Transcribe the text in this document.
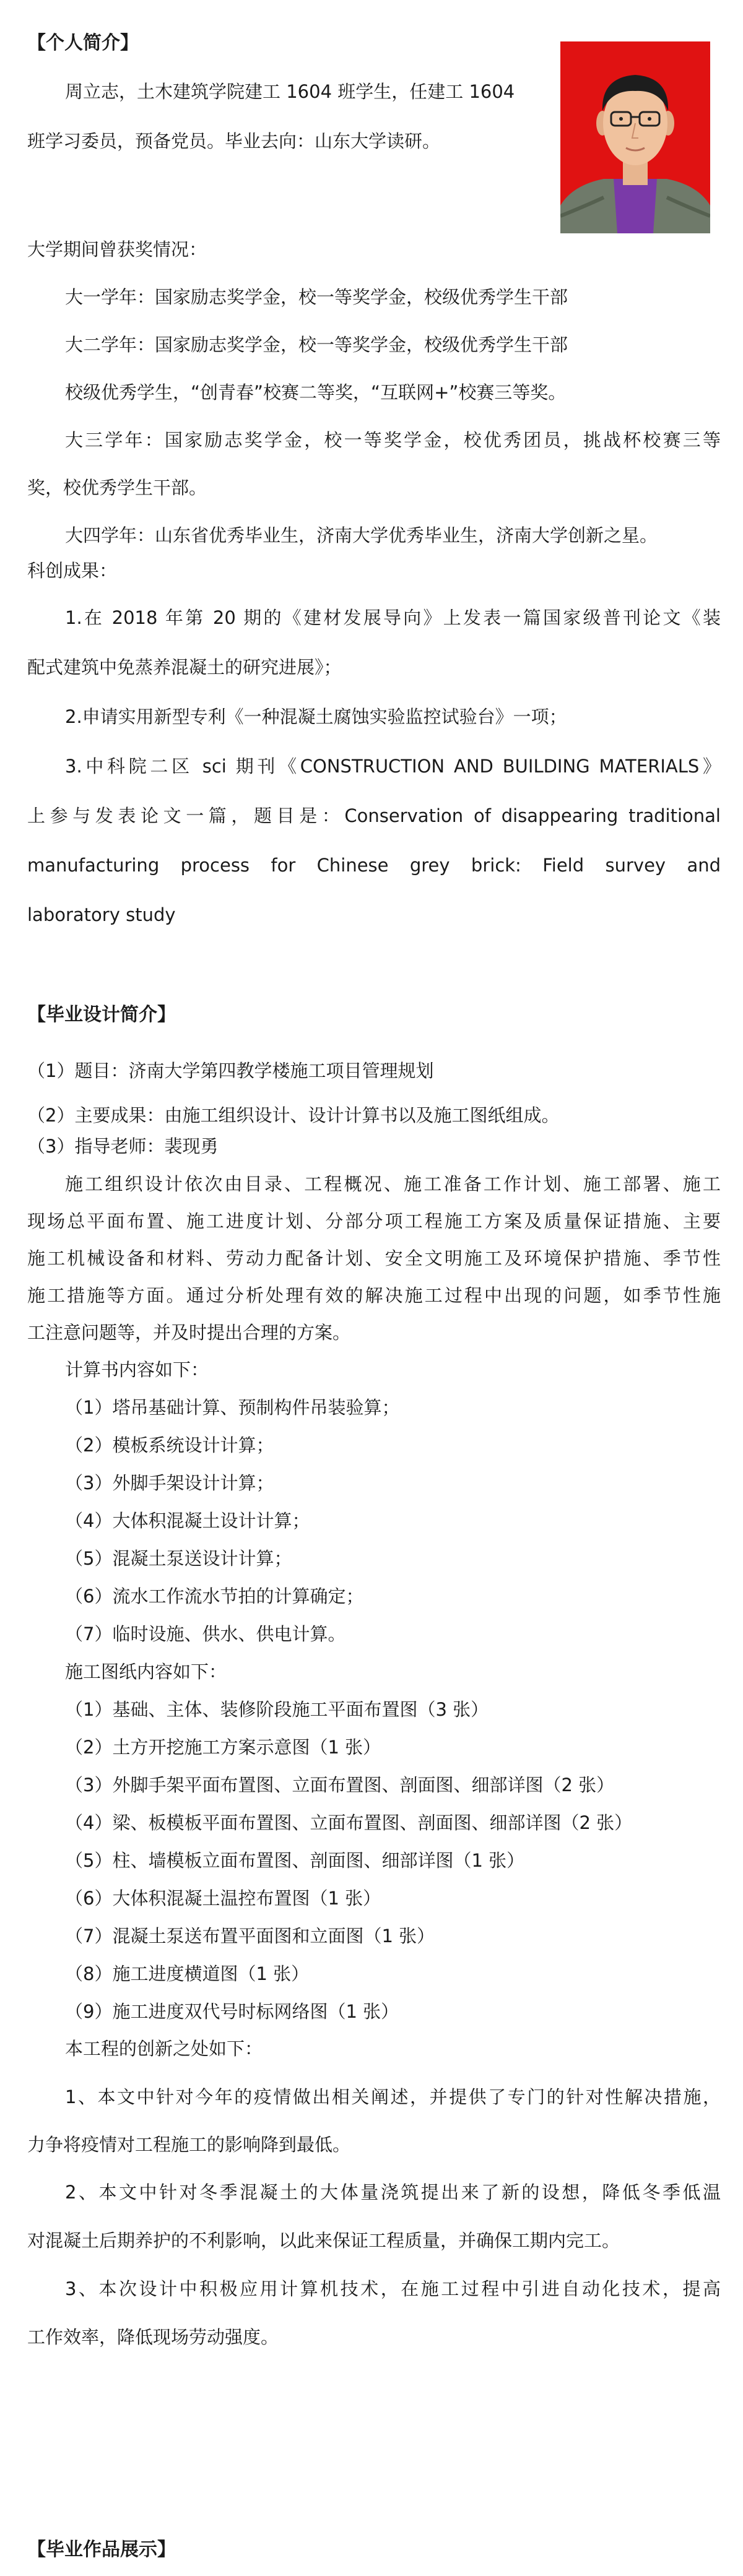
【个人简介】
周立志，土木建筑学院建工 1604 班学生，任建工 1604
班学习委员，预备党员。毕业去向：山东大学读研。
大学期间曾获奖情况：
大一学年：国家励志奖学金，校一等奖学金，校级优秀学生干部
大二学年：国家励志奖学金，校一等奖学金，校级优秀学生干部
校级优秀学生，“创青春”校赛二等奖，“互联网+”校赛三等奖。
大三学年：国家励志奖学金，校一等奖学金，校优秀团员，挑战杯校赛三等
奖，校优秀学生干部。
大四学年：山东省优秀毕业生，济南大学优秀毕业生，济南大学创新之星。
科创成果：
1.在 2018 年第 20 期的《建材发展导向》上发表一篇国家级普刊论文《装
配式建筑中免蒸养混凝土的研究进展》；
2.申请实用新型专利《一种混凝土腐蚀实验监控试验台》一项；
3.中科院二区 sci 期刊《CONSTRUCTION AND BUILDING MATERIALS》
上参与发表论文一篇，题目是：Conservation of disappearing traditional
manufacturing process for Chinese grey brick: Field survey and
laboratory study
【毕业设计简介】
（1）题目：济南大学第四教学楼施工项目管理规划
（2）主要成果：由施工组织设计、设计计算书以及施工图纸组成。
（3）指导老师：裴现勇
施工组织设计依次由目录、工程概况、施工准备工作计划、施工部署、施工
现场总平面布置、施工进度计划、分部分项工程施工方案及质量保证措施、主要
施工机械设备和材料、劳动力配备计划、安全文明施工及环境保护措施、季节性
施工措施等方面。通过分析处理有效的解决施工过程中出现的问题，如季节性施
工注意问题等，并及时提出合理的方案。
计算书内容如下：
（1）塔吊基础计算、预制构件吊装验算；
（2）模板系统设计计算；
（3）外脚手架设计计算；
（4）大体积混凝土设计计算；
（5）混凝土泵送设计计算；
（6）流水工作流水节拍的计算确定；
（7）临时设施、供水、供电计算。
施工图纸内容如下：
（1）基础、主体、装修阶段施工平面布置图（3 张）
（2）土方开挖施工方案示意图（1 张）
（3）外脚手架平面布置图、立面布置图、剖面图、细部详图（2 张）
（4）梁、板模板平面布置图、立面布置图、剖面图、细部详图（2 张）
（5）柱、墙模板立面布置图、剖面图、细部详图（1 张）
（6）大体积混凝土温控布置图（1 张）
（7）混凝土泵送布置平面图和立面图（1 张）
（8）施工进度横道图（1 张）
（9）施工进度双代号时标网络图（1 张）
本工程的创新之处如下：
1、本文中针对今年的疫情做出相关阐述，并提供了专门的针对性解决措施，
力争将疫情对工程施工的影响降到最低。
2、本文中针对冬季混凝土的大体量浇筑提出来了新的设想，降低冬季低温
对混凝土后期养护的不利影响，以此来保证工程质量，并确保工期内完工。
3、本次设计中积极应用计算机技术，在施工过程中引进自动化技术，提高
工作效率，降低现场劳动强度。
【毕业作品展示】
